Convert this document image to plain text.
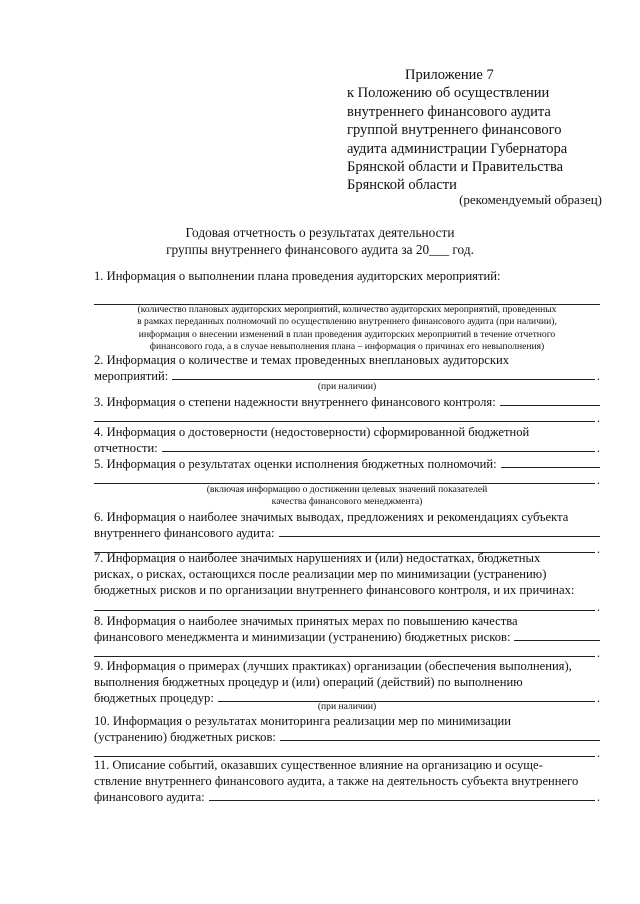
Приложение 7
к Положению об осуществлении
внутреннего финансового аудита
группой внутреннего финансового
аудита администрации Губернатора
Брянской области и Правительства
Брянской области
(рекомендуемый образец)
Годовая отчетность о результатах деятельности
группы внутреннего финансового аудита за 20___ год.
1. Информация о выполнении плана проведения аудиторских мероприятий:
(количество плановых аудиторских мероприятий, количество аудиторских мероприятий, проведенных
в рамках переданных полномочий по осуществлению внутреннего финансового аудита (при наличии),
информация о внесении изменений в план проведения аудиторских мероприятий в течение отчетного
финансового года, а в случае невыполнения плана – информация о причинах его невыполнения)
2. Информация о количестве и темах проведенных внеплановых аудиторских
мероприятий:	.
(при наличии)
3. Информация о степени надежности внутреннего финансового контроля:
.
4. Информация о достоверности (недостоверности) сформированной бюджетной
отчетности:	.
5. Информация о результатах оценки исполнения бюджетных полномочий:
.
(включая информацию о достижении целевых значений показателей
качества финансового менеджмента)
6. Информация о наиболее значимых выводах, предложениях и рекомендациях субъекта
внутреннего финансового аудита:
.
7. Информация о наиболее значимых нарушениях и (или) недостатках, бюджетных
рисках, о рисках, остающихся после реализации мер по минимизации (устранению)
бюджетных рисков и по организации внутреннего финансового контроля, и их причинах:
.
8. Информация о наиболее значимых принятых мерах по повышению качества
финансового менеджмента и минимизации (устранению) бюджетных рисков:
.
9. Информация о примерах (лучших практиках) организации (обеспечения выполнения),
выполнения бюджетных процедур и (или) операций (действий) по выполнению
бюджетных процедур:	.
(при наличии)
10. Информация о результатах мониторинга реализации мер по минимизации
(устранению) бюджетных рисков:
.
11. Описание событий, оказавших существенное влияние на организацию и осуще-
ствление внутреннего финансового аудита, а также на деятельность субъекта внутреннего
финансового аудита:	.
